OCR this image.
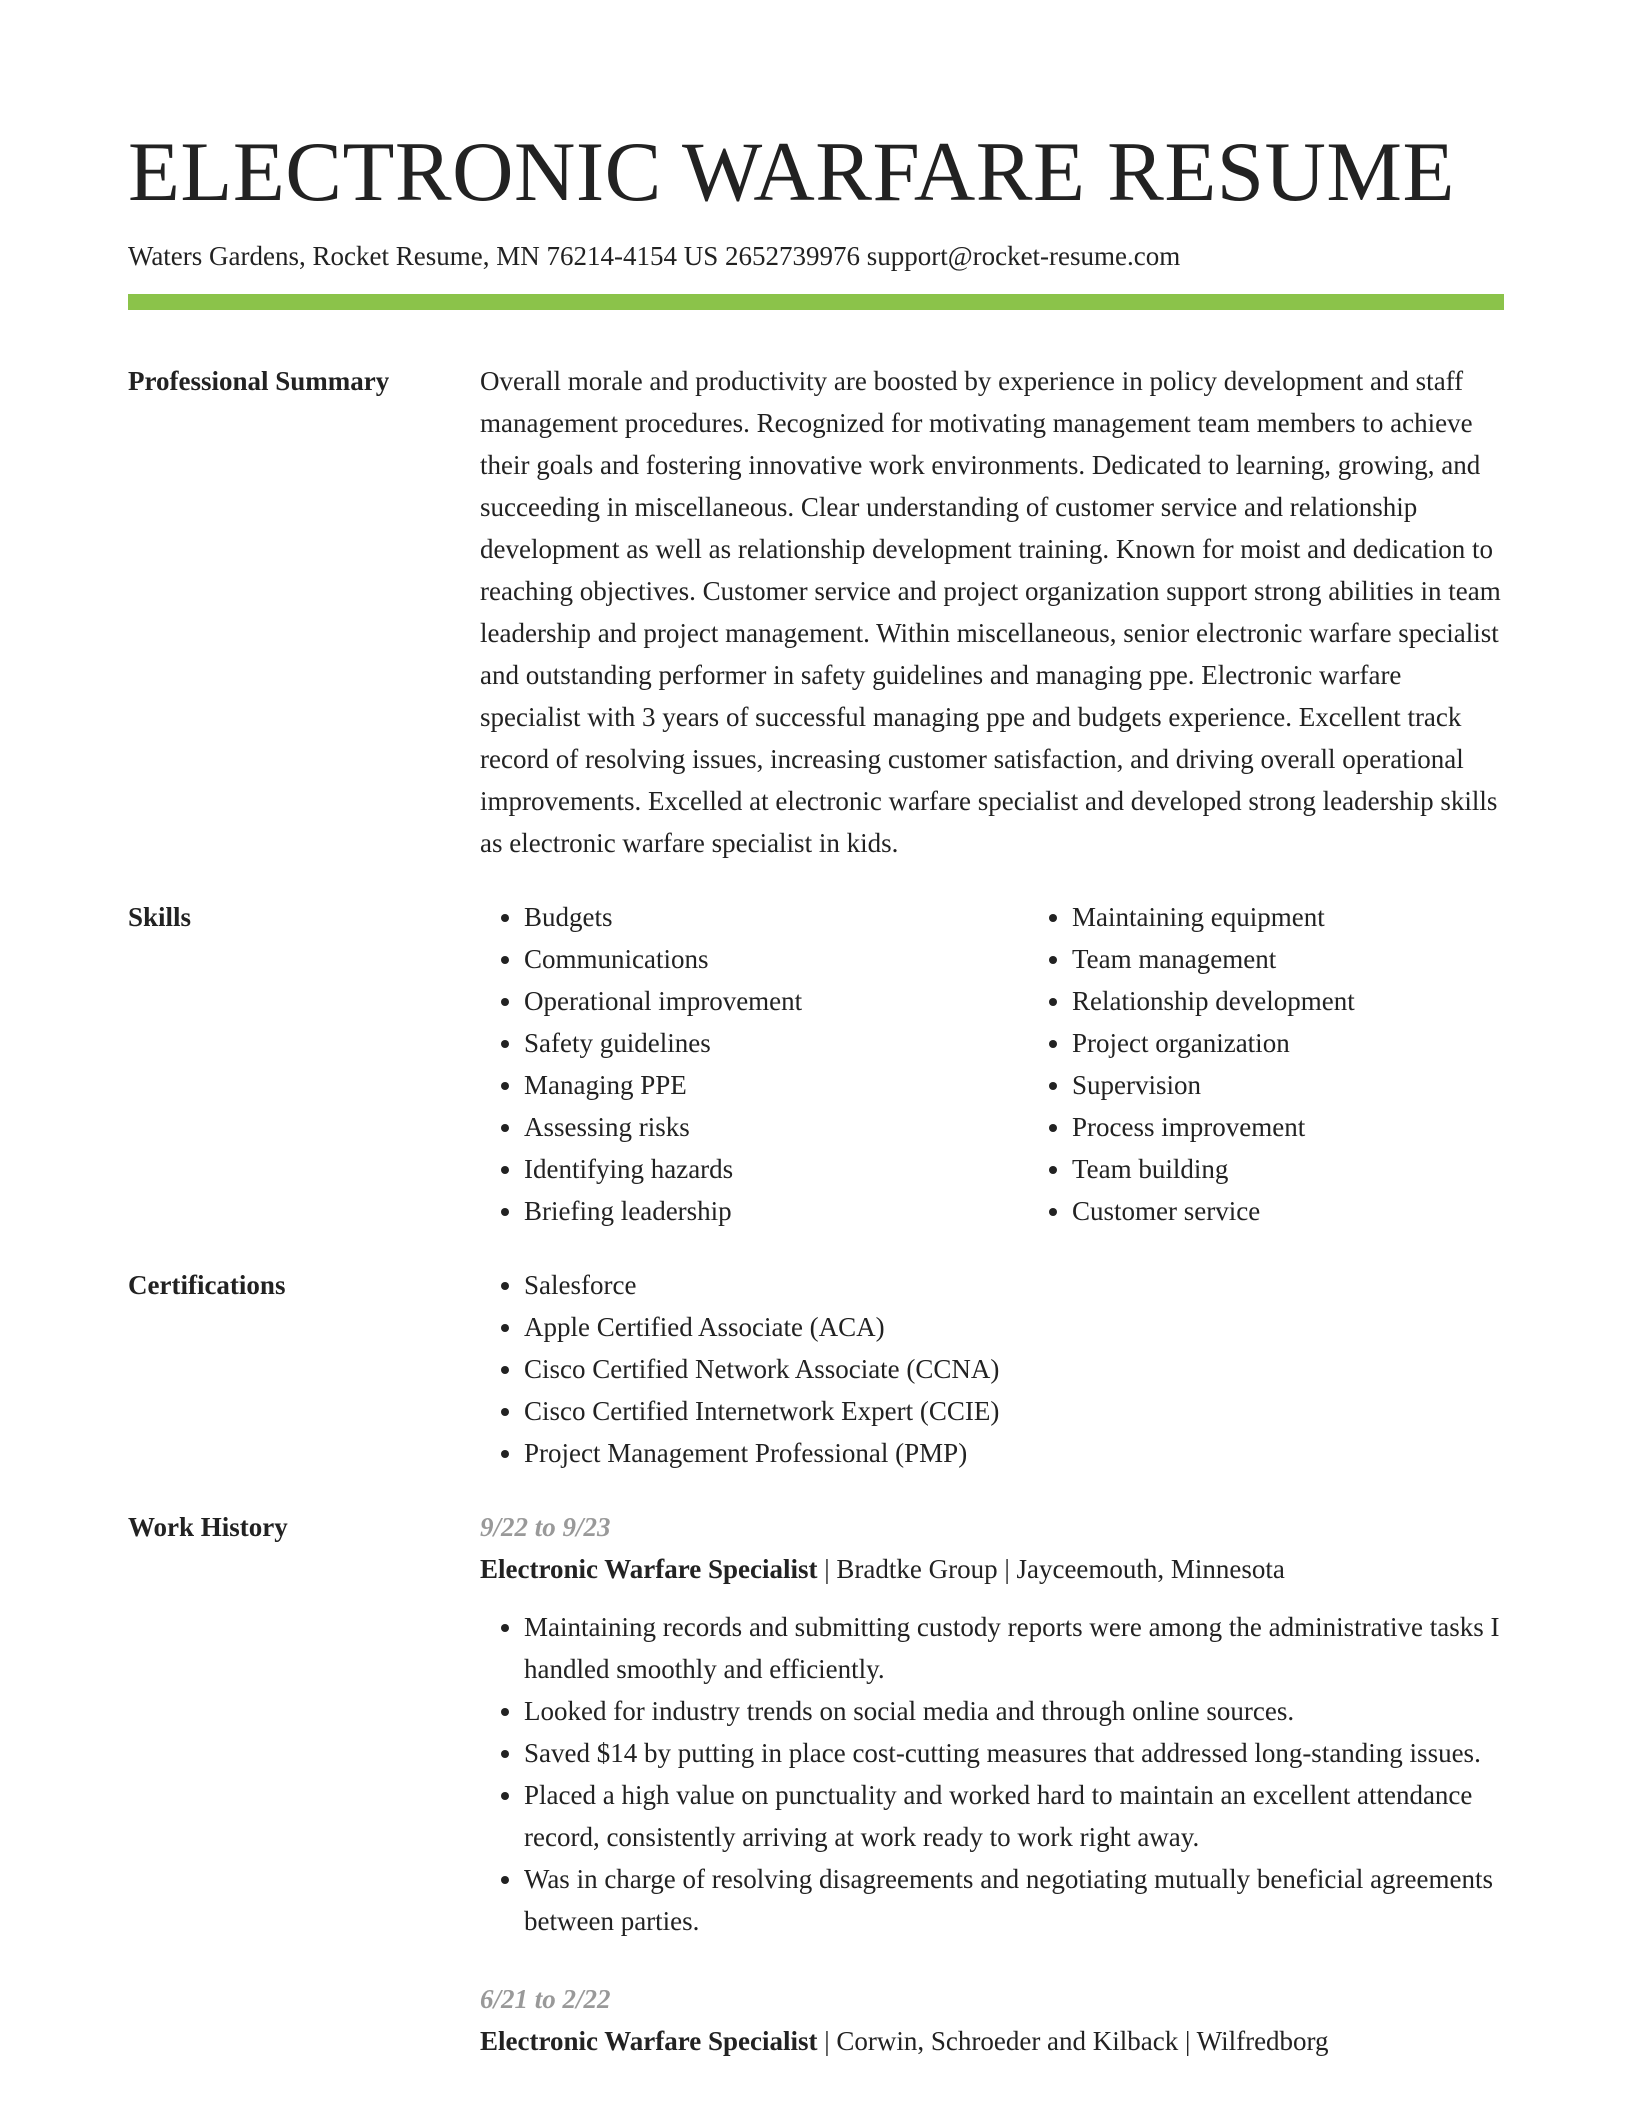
ELECTRONIC WARFARE RESUME
Waters Gardens, Rocket Resume, MN 76214-4154 US 2652739976 support@rocket-resume.com
Professional Summary	Overall morale and productivity are boosted by experience in policy development and staff management procedures. Recognized for motivating management team members to achieve their goals and fostering innovative work environments. Dedicated to learning, growing, and succeeding in miscellaneous. Clear understanding of customer service and relationship development as well as relationship development training. Known for moist and dedication to reaching objectives. Customer service and project organization support strong abilities in team leadership and project management. Within miscellaneous, senior electronic warfare specialist and outstanding performer in safety guidelines and managing ppe. Electronic warfare specialist with 3 years of successful managing ppe and budgets experience. Excellent track record of resolving issues, increasing customer satisfaction, and driving overall operational improvements. Excelled at electronic warfare specialist and developed strong leadership skills as electronic warfare specialist in kids.

Skills	• Budgets
• Communications
• Operational improvement
• Safety guidelines
• Managing PPE
• Assessing risks
• Identifying hazards
• Briefing leadership
• Maintaining equipment
• Team management
• Relationship development
• Project organization
• Supervision
• Process improvement
• Team building
• Customer service
Certifications	• Salesforce
• Apple Certified Associate (ACA)
• Cisco Certified Network Associate (CCNA)
• Cisco Certified Internetwork Expert (CCIE)
• Project Management Professional (PMP)
Work History	9/22 to 9/23
Electronic Warfare Specialist | Bradtke Group | Jayceemouth, Minnesota
• Maintaining records and submitting custody reports were among the administrative tasks I handled smoothly and efficiently.
• Looked for industry trends on social media and through online sources.
• Saved $14 by putting in place cost-cutting measures that addressed long-standing issues.
• Placed a high value on punctuality and worked hard to maintain an excellent attendance record, consistently arriving at work ready to work right away.
• Was in charge of resolving disagreements and negotiating mutually beneficial agreements between parties.
6/21 to 2/22
Electronic Warfare Specialist | Corwin, Schroeder and Kilback | Wilfredborg
